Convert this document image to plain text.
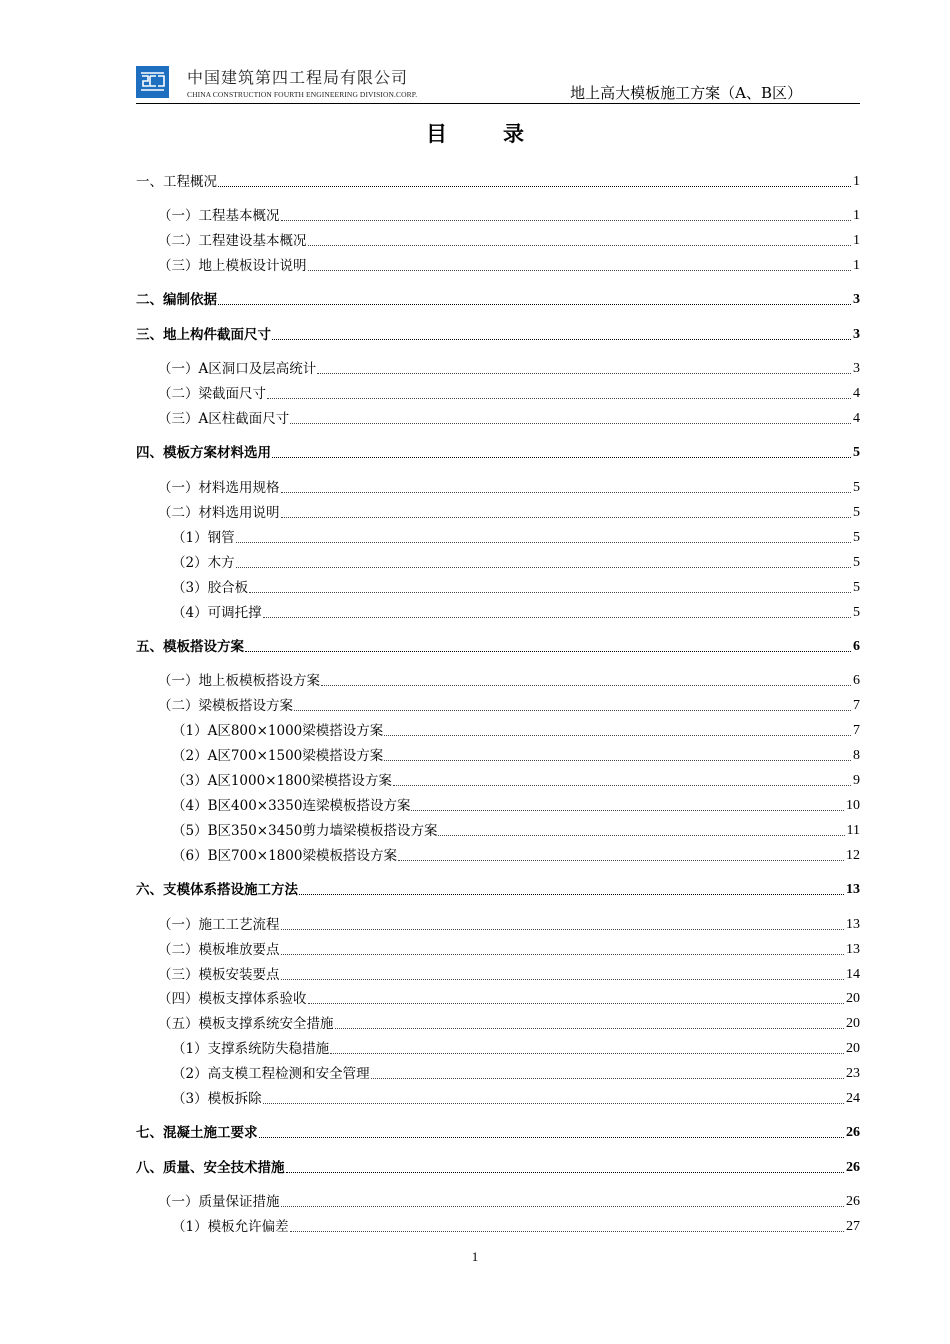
中国建筑第四工程局有限公司
CHINA CONSTRUCTION FOURTH ENGINEERING DIVISION.CORP.	地上高大模板施工方案（A、B区）
目	录
一、工程概况	1
（一）工程基本概况	1
（二）工程建设基本概况	1
（三）地上模板设计说明	1
二、编制依据	3
三、地上构件截面尺寸	3
（一）A区洞口及层高统计	3
（二）梁截面尺寸	4
（三）A区柱截面尺寸	4
四、模板方案材料选用	5
（一）材料选用规格	5
（二）材料选用说明	5
（1）钢管	5
（2）木方	5
（3）胶合板	5
（4）可调托撑	5
五、模板搭设方案	6
（一）地上板模板搭设方案	6
（二）梁模板搭设方案	7
（1）A区800×1000梁模搭设方案	7
（2）A区700×1500梁模搭设方案	8
（3）A区1000×1800梁模搭设方案	9
（4）B区400×3350连梁模板搭设方案	10
（5）B区350×3450剪力墙梁模板搭设方案	11
（6）B区700×1800梁模板搭设方案	12
六、支模体系搭设施工方法	13
（一）施工工艺流程	13
（二）模板堆放要点	13
（三）模板安装要点	14
（四）模板支撑体系验收	20
（五）模板支撑系统安全措施	20
（1）支撑系统防失稳措施	20
（2）高支模工程检测和安全管理	23
（3）模板拆除	24
七、混凝土施工要求	26
八、质量、安全技术措施	26
（一）质量保证措施	26
（1）模板允许偏差	27
1
